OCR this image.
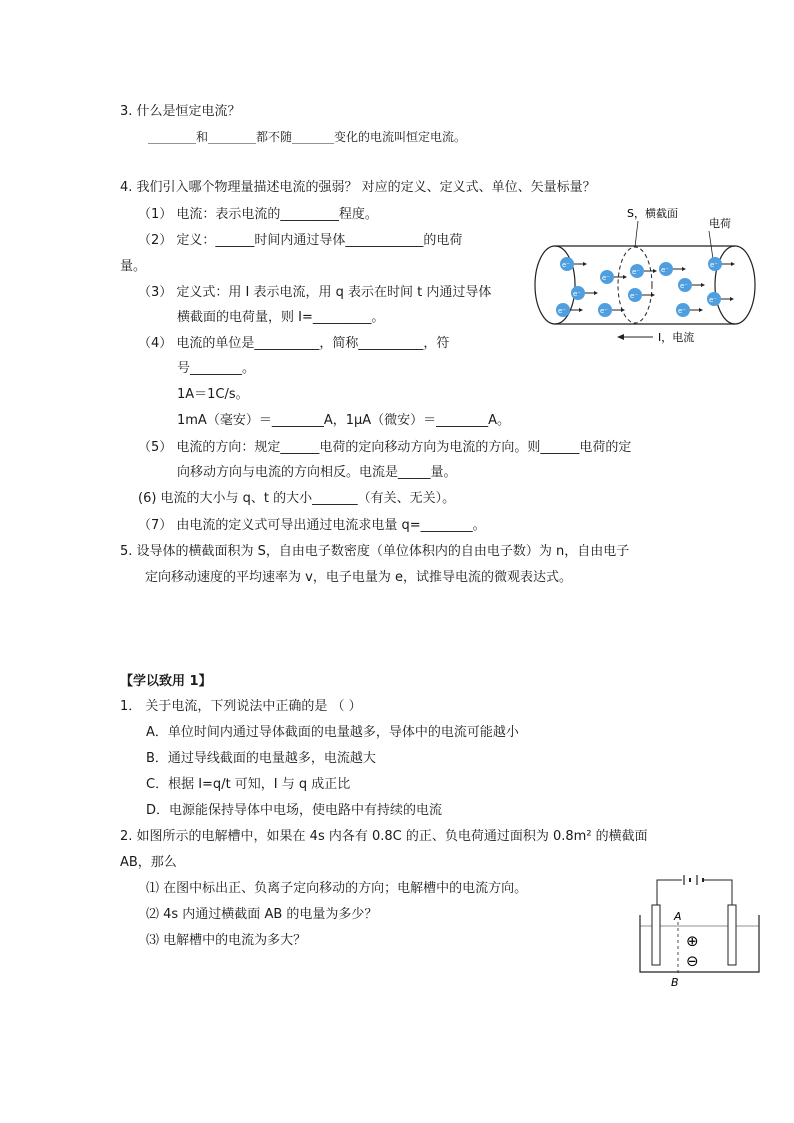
3. 什么是恒定电流？
________和________都不随_______变化的电流叫恒定电流。
4. 我们引入哪个物理量描述电流的强弱？ 对应的定义、定义式、单位、矢量标量？
（1） 电流：表示电流的_________程度。
（2） 定义：______时间内通过导体____________的电荷
量。
（3） 定义式：用 I 表示电流，用 q 表示在时间 t 内通过导体
横截面的电荷量，则 I=_________。
（4） 电流的单位是__________，简称__________，符
号________。
1A＝1C/s。
1mA（毫安）＝________A，1μA（微安）＝________A。
（5） 电流的方向：规定______电荷的定向移动方向为电流的方向。则______电荷的定
向移动方向与电流的方向相反。电流是_____量。
(6) 电流的大小与 q、t 的大小_______（有关、无关）。
（7） 由电流的定义式可导出通过电流求电量 q=________。
5. 设导体的横截面积为 S，自由电子数密度（单位体积内的自由电子数）为 n，自由电子
定向移动速度的平均速率为 v，电子电量为 e，试推导电流的微观表达式。
S，横截面
电荷
I，电流
e⁻
e⁻
e⁻	e⁻
e⁻
e⁻	e⁻
e⁻
e⁻
e⁻	e⁻	e⁻
【学以致用 1】
1． 关于电流，下列说法中正确的是 （ ）
A．单位时间内通过导体截面的电量越多，导体中的电流可能越小
B．通过导线截面的电量越多，电流越大
C．根据 I=q/t 可知，I 与 q 成正比
D．电源能保持导体中电场，使电路中有持续的电流
2. 如图所示的电解槽中，如果在 4s 内各有 0.8C 的正、负电荷通过面积为 0.8m² 的横截面
AB，那么
⑴ 在图中标出正、负离子定向移动的方向；电解槽中的电流方向。
⑵ 4s 内通过横截面 AB 的电量为多少？
⑶ 电解槽中的电流为多大？
A
B
⊕
⊖
